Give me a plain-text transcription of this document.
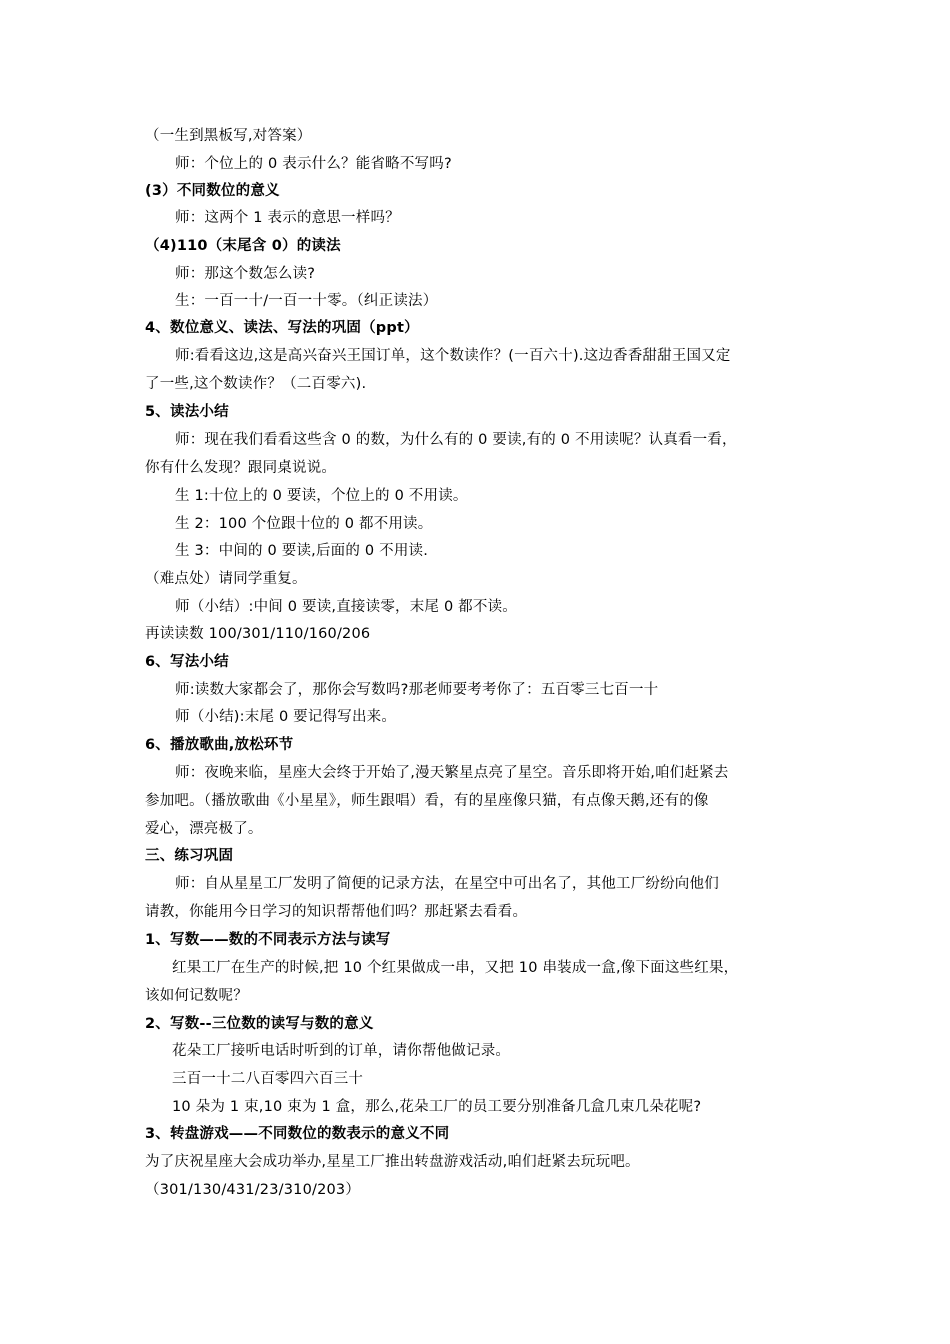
（一生到黑板写,对答案）
师：个位上的 0 表示什么？能省略不写吗?
(3）不同数位的意义
师：这两个 1 表示的意思一样吗？
（4)110（末尾含 0）的读法
师：那这个数怎么读?
生：一百一十/一百一十零。（纠正读法）
4、数位意义、读法、写法的巩固（ppt）
师:看看这边,这是高兴奋兴王国订单，这个数读作？(一百六十).这边香香甜甜王国又定
了一些,这个数读作？（二百零六).
5、读法小结
师：现在我们看看这些含 0 的数，为什么有的 0 要读,有的 0 不用读呢？认真看一看，
你有什么发现？跟同桌说说。
生 1:十位上的 0 要读，个位上的 0 不用读。
生 2：100 个位跟十位的 0 都不用读。
生 3：中间的 0 要读,后面的 0 不用读.
（难点处）请同学重复。
师（小结）:中间 0 要读,直接读零，末尾 0 都不读。
再读读数 100/301/110/160/206
6、写法小结
师:读数大家都会了，那你会写数吗?那老师要考考你了：五百零三七百一十
师（小结):末尾 0 要记得写出来。
6、播放歌曲,放松环节
师：夜晚来临，星座大会终于开始了,漫天繁星点亮了星空。音乐即将开始,咱们赶紧去
参加吧。（播放歌曲《小星星》，师生跟唱）看，有的星座像只猫，有点像天鹅,还有的像
爱心，漂亮极了。
三、练习巩固
师：自从星星工厂发明了简便的记录方法，在星空中可出名了，其他工厂纷纷向他们
请教，你能用今日学习的知识帮帮他们吗？那赶紧去看看。
1、写数——数的不同表示方法与读写
红果工厂在生产的时候,把 10 个红果做成一串，又把 10 串装成一盒,像下面这些红果，
该如何记数呢？
2、写数--三位数的读写与数的意义
花朵工厂接听电话时听到的订单，请你帮他做记录。
三百一十二八百零四六百三十
10 朵为 1 束,10 束为 1 盒，那么,花朵工厂的员工要分别准备几盒几束几朵花呢?
3、转盘游戏——不同数位的数表示的意义不同
为了庆祝星座大会成功举办,星星工厂推出转盘游戏活动,咱们赶紧去玩玩吧。
（301/130/431/23/310/203）
